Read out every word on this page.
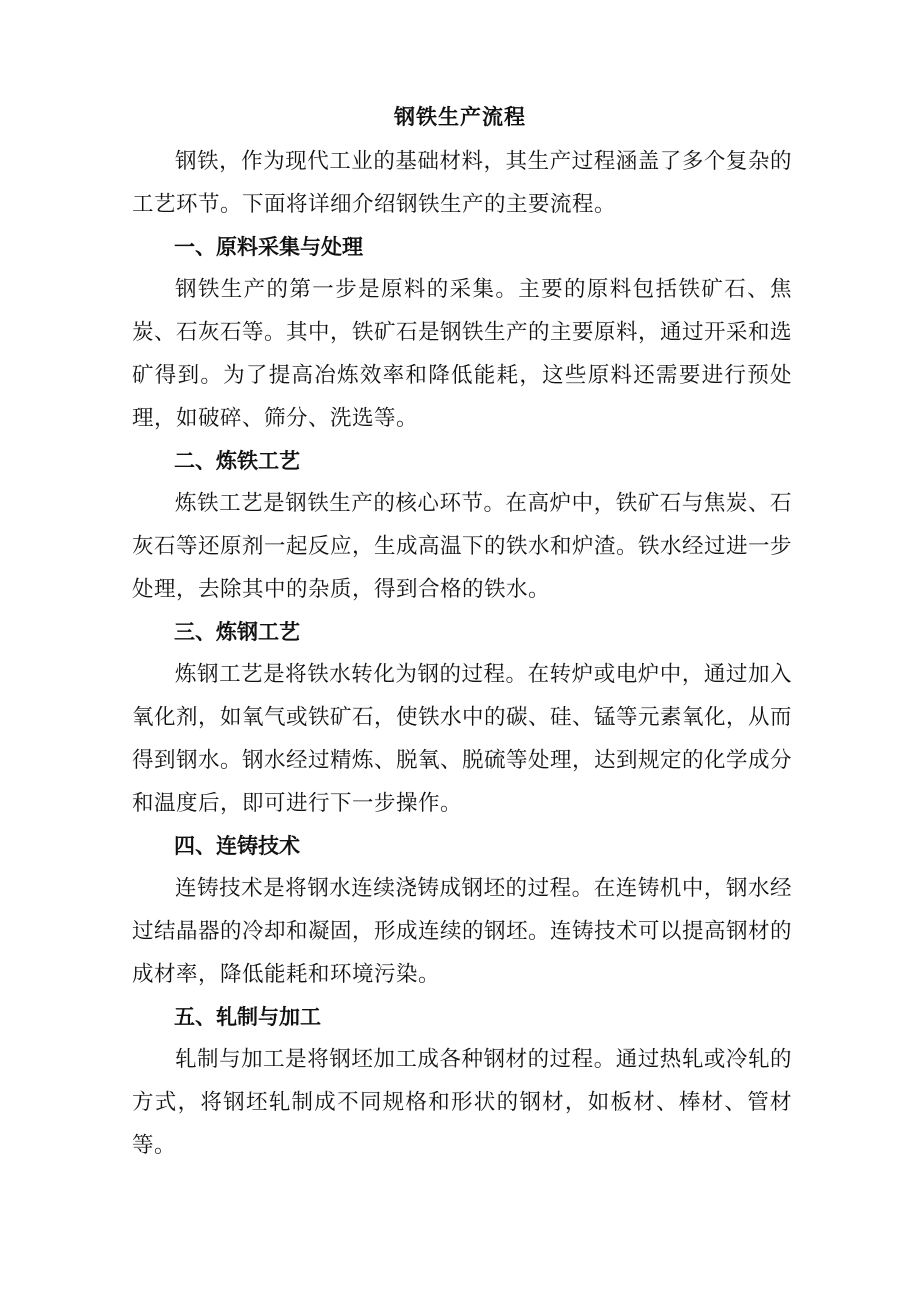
钢铁生产流程

钢铁，作为现代工业的基础材料，其生产过程涵盖了多个复杂的工艺环节。下面将详细介绍钢铁生产的主要流程。

一、原料采集与处理

钢铁生产的第一步是原料的采集。主要的原料包括铁矿石、焦炭、石灰石等。其中，铁矿石是钢铁生产的主要原料，通过开采和选矿得到。为了提高冶炼效率和降低能耗，这些原料还需要进行预处理，如破碎、筛分、洗选等。

二、炼铁工艺

炼铁工艺是钢铁生产的核心环节。在高炉中，铁矿石与焦炭、石灰石等还原剂一起反应，生成高温下的铁水和炉渣。铁水经过进一步处理，去除其中的杂质，得到合格的铁水。

三、炼钢工艺

炼钢工艺是将铁水转化为钢的过程。在转炉或电炉中，通过加入氧化剂，如氧气或铁矿石，使铁水中的碳、硅、锰等元素氧化，从而得到钢水。钢水经过精炼、脱氧、脱硫等处理，达到规定的化学成分和温度后，即可进行下一步操作。

四、连铸技术

连铸技术是将钢水连续浇铸成钢坯的过程。在连铸机中，钢水经过结晶器的冷却和凝固，形成连续的钢坯。连铸技术可以提高钢材的成材率，降低能耗和环境污染。

五、轧制与加工

轧制与加工是将钢坯加工成各种钢材的过程。通过热轧或冷轧的方式，将钢坯轧制成不同规格和形状的钢材，如板材、棒材、管材等。
